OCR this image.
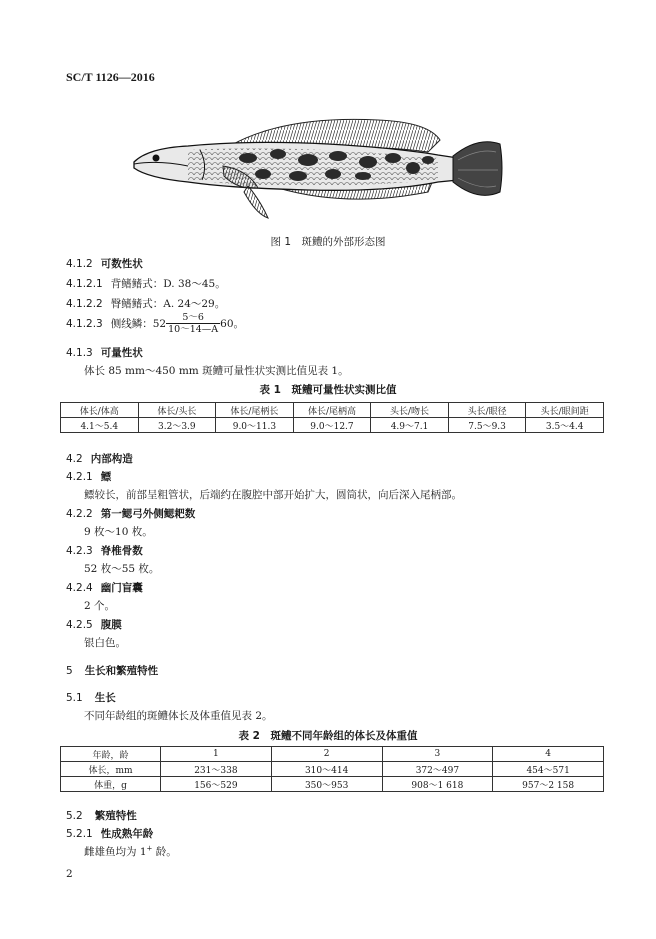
SC/T 1126—2016
图 1　斑鳢的外部形态图
4.1.2 可数性状
4.1.2.1 背鳍鳍式：D. 38～45。
4.1.2.2 臀鳍鳍式：A. 24～29。
4.1.2.3 侧线鳞：$52 \frac{5\sim 6}{10\sim 14—A} 60$。
4.1.3 可量性状
体长 85 mm～450 mm 斑鳢可量性状实测比值见表 1。
表 1　斑鳢可量性状实测比值
体长/体高	体长/头长	体长/尾柄长	体长/尾柄高	头长/吻长	头长/眼径	头长/眼间距
4.1～5.4	3.2～3.9	9.0～11.3	9.0～12.7	4.9～7.1	7.5～9.3	3.5～4.4
4.2 内部构造
4.2.1 鳔
鳔较长，前部呈粗管状，后端约在腹腔中部开始扩大，圆筒状，向后深入尾柄部。
4.2.2 第一鳃弓外侧鳃耙数
9 枚～10 枚。
4.2.3 脊椎骨数
52 枚～55 枚。
4.2.4 幽门盲囊
2 个。
4.2.5 腹膜
银白色。
5 生长和繁殖特性
5.1 生长
不同年龄组的斑鳢体长及体重值见表 2。
表 2　斑鳢不同年龄组的体长及体重值
年龄，龄	1	2	3	4
体长，mm	231～338	310～414	372～497	454～571
体重，g	156～529	350～953	908～1 618	957～2 158
5.2 繁殖特性
5.2.1 性成熟年龄
雌雄鱼均为 1+ 龄。
2
